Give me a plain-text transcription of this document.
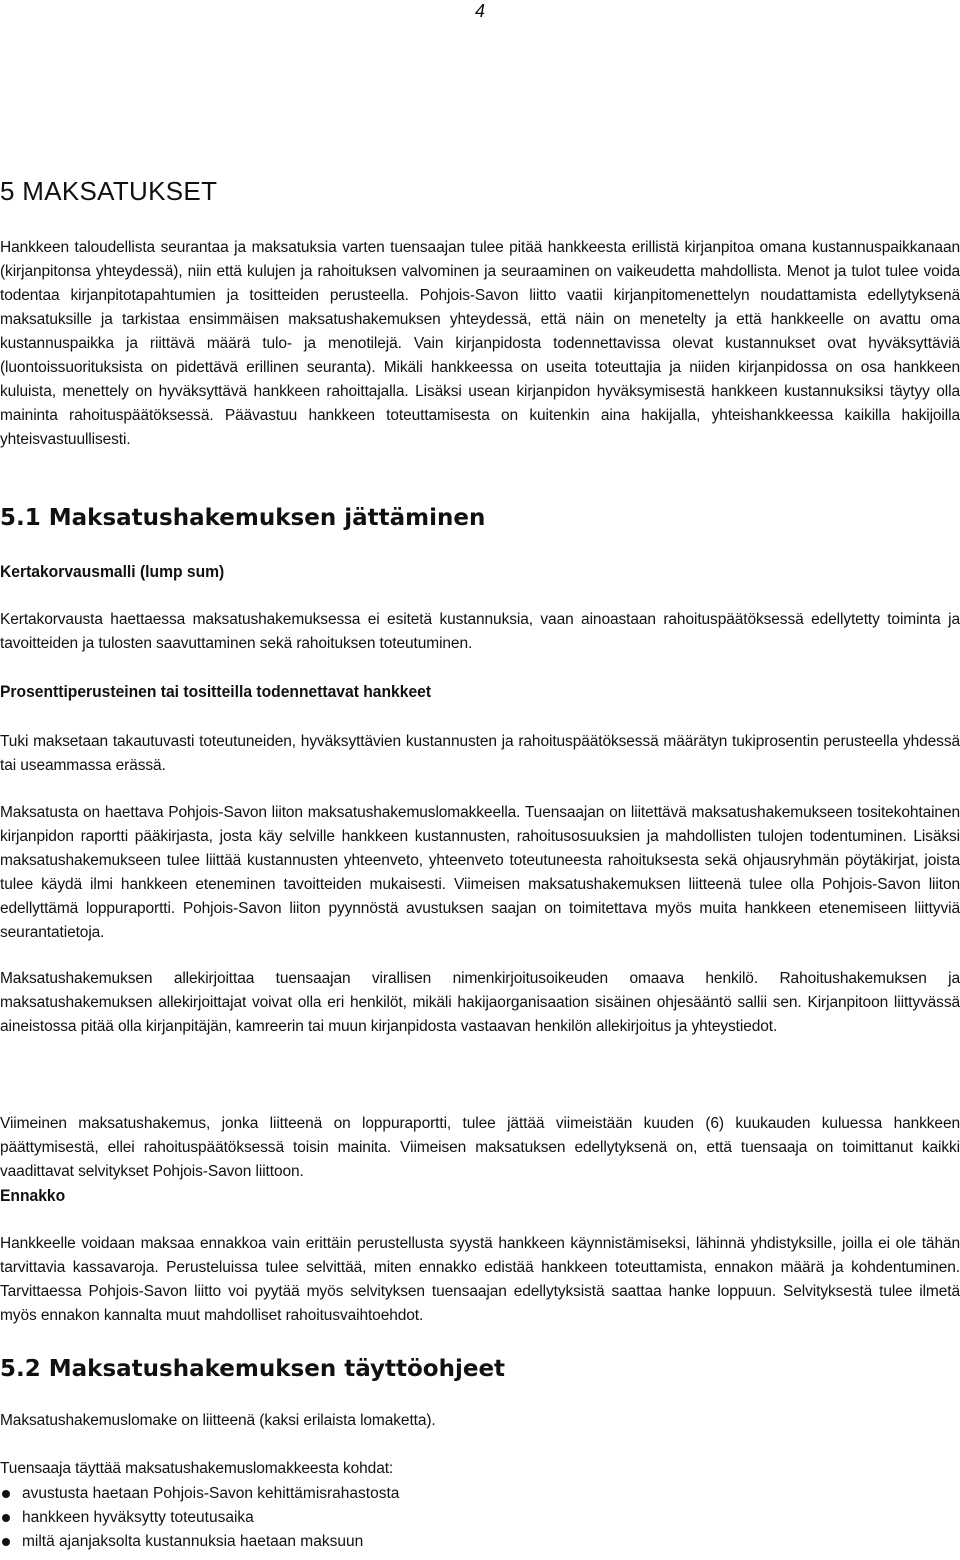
4
5 MAKSATUKSET

Hankkeen taloudellista seurantaa ja maksatuksia varten tuensaajan tulee pitää hankkeesta erillistä kirjanpitoa omana kustannuspaikkanaan (kirjanpitonsa yhteydessä), niin että kulujen ja rahoituksen valvominen ja seuraaminen on vaikeudetta mahdollista. Menot ja tulot tulee voida todentaa kirjanpitotapahtumien ja tositteiden perusteella. Pohjois-Savon liitto vaatii kirjanpitomenettelyn noudattamista edellytyksenä maksatuksille ja tarkistaa ensimmäisen maksatushakemuksen yhteydessä, että näin on menetelty ja että hankkeelle on avattu oma kustannuspaikka ja riittävä määrä tulo- ja menotilejä. Vain kirjanpidosta todennettavissa olevat kustannukset ovat hyväksyttäviä (luontoissuorituksista on pidettävä erillinen seuranta). Mikäli hankkeessa on useita toteuttajia ja niiden kirjanpidossa on osa hankkeen kuluista, menettely on hyväksyttävä hankkeen rahoittajalla. Lisäksi usean kirjanpidon hyväksymisestä hankkeen kustannuksiksi täytyy olla maininta rahoituspäätöksessä. Päävastuu hankkeen toteuttamisesta on kuitenkin aina hakijalla, yhteishankkeessa kaikilla hakijoilla yhteisvastuullisesti.

5.1 Maksatushakemuksen jättäminen
Kertakorvausmalli (lump sum)

Kertakorvausta haettaessa maksatushakemuksessa ei esitetä kustannuksia, vaan ainoastaan rahoituspäätöksessä edellytetty toiminta ja tavoitteiden ja tulosten saavuttaminen sekä rahoituksen toteutuminen.

Prosenttiperusteinen tai tositteilla todennettavat hankkeet

Tuki maksetaan takautuvasti toteutuneiden, hyväksyttävien kustannusten ja rahoituspäätöksessä määrätyn tukiprosentin perusteella yhdessä tai useammassa erässä.

Maksatusta on haettava Pohjois-Savon liiton maksatushakemuslomakkeella. Tuensaajan on liitettävä maksatushakemukseen tositekohtainen kirjanpidon raportti pääkirjasta, josta käy selville hankkeen kustannusten, rahoitusosuuksien ja mahdollisten tulojen todentuminen. Lisäksi maksatushakemukseen tulee liittää kustannusten yhteenveto, yhteenveto toteutuneesta rahoituksesta sekä ohjausryhmän pöytäkirjat, joista tulee käydä ilmi hankkeen eteneminen tavoitteiden mukaisesti. Viimeisen maksatushakemuksen liitteenä tulee olla Pohjois-Savon liiton edellyttämä loppuraportti. Pohjois-Savon liiton pyynnöstä avustuksen saajan on toimitettava myös muita hankkeen etenemiseen liittyviä seurantatietoja.

Maksatushakemuksen allekirjoittaa tuensaajan virallisen nimenkirjoitusoikeuden omaava henkilö. Rahoitushakemuksen ja maksatushakemuksen allekirjoittajat voivat olla eri henkilöt, mikäli hakijaorganisaation sisäinen ohjesääntö sallii sen. Kirjanpitoon liittyvässä aineistossa pitää olla kirjanpitäjän, kamreerin tai muun kirjanpidosta vastaavan henkilön allekirjoitus ja yhteystiedot.

Viimeinen maksatushakemus, jonka liitteenä on loppuraportti, tulee jättää viimeistään kuuden (6) kuukauden kuluessa hankkeen päättymisestä, ellei rahoituspäätöksessä toisin mainita. Viimeisen maksatuksen edellytyksenä on, että tuensaaja on toimittanut kaikki vaadittavat selvitykset Pohjois-Savon liittoon.

Ennakko

Hankkeelle voidaan maksaa ennakkoa vain erittäin perustellusta syystä hankkeen käynnistämiseksi, lähinnä yhdistyksille, joilla ei ole tähän tarvittavia kassavaroja. Perusteluissa tulee selvittää, miten ennakko edistää hankkeen toteuttamista, ennakon määrä ja kohdentuminen. Tarvittaessa Pohjois-Savon liitto voi pyytää myös selvityksen tuensaajan edellytyksistä saattaa hanke loppuun. Selvityksestä tulee ilmetä myös ennakon kannalta muut mahdolliset rahoitusvaihtoehdot.

5.2 Maksatushakemuksen täyttöohjeet

Maksatushakemuslomake on liitteenä (kaksi erilaista lomaketta).

Tuensaaja täyttää maksatushakemuslomakkeesta kohdat:

avustusta haetaan Pohjois-Savon kehittämisrahastosta
hankkeen hyväksytty toteutusaika
miltä ajanjaksolta kustannuksia haetaan maksuun
